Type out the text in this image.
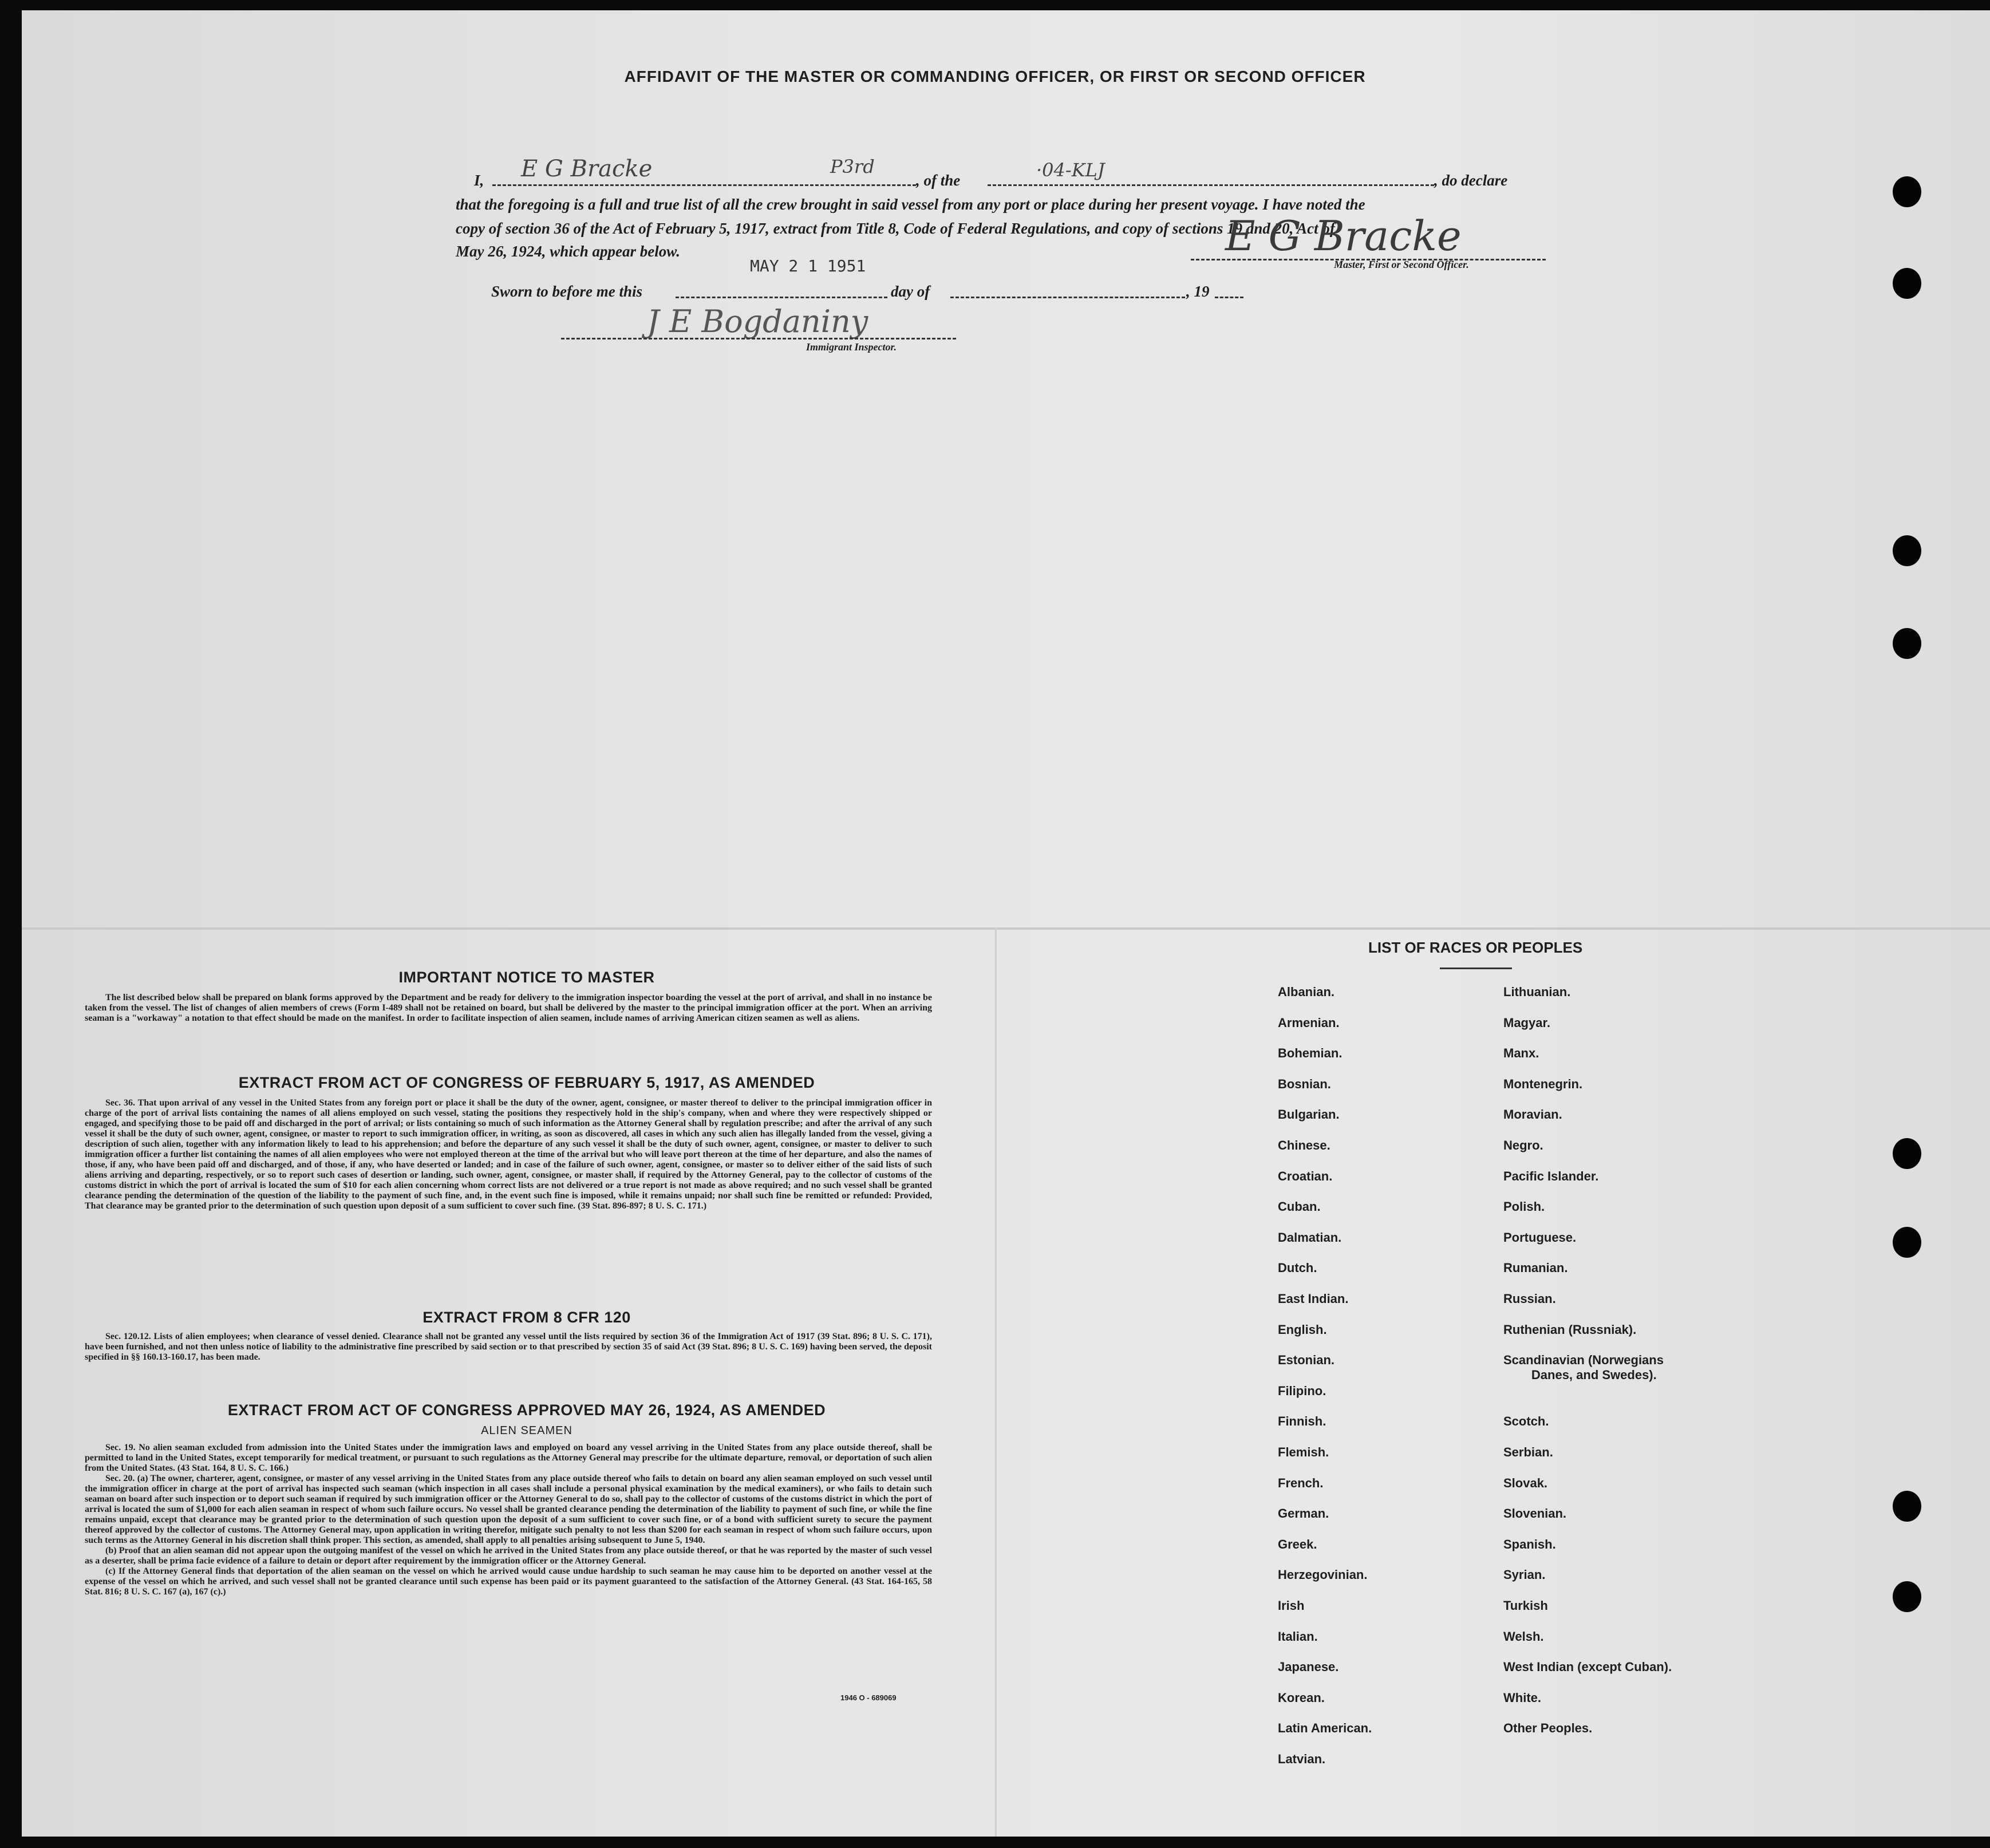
AFFIDAVIT OF THE MASTER OR COMMANDING OFFICER, OR FIRST OR SECOND OFFICER
I, E G Bracke	P3rd
, of the	·04-KLJ	, do declare
that the foregoing is a full and true list of all the crew brought in said vessel from any port or place during her present voyage. I have noted the
copy of section 36 of the Act of February 5, 1917, extract from Title 8, Code of Federal Regulations, and copy of sections 19 and 20, Act of
May 26, 1924, which appear below.
MAY 2 1 1951
E G Bracke
Master, First or Second Officer.
Sworn to before me this	day of	, 19
J E Bogdaniny
Immigrant Inspector.
IMPORTANT NOTICE TO MASTER

The list described below shall be prepared on blank forms approved by the Department and be ready for delivery to the immigration inspector boarding the vessel at the port of arrival, and shall in no instance be taken from the vessel. The list of changes of alien members of crews (Form I-489 shall not be retained on board, but shall be delivered by the master to the principal immigration officer at the port. When an arriving seaman is a "workaway" a notation to that effect should be made on the manifest. In order to facilitate inspection of alien seamen, include names of arriving American citizen seamen as well as aliens.

EXTRACT FROM ACT OF CONGRESS OF FEBRUARY 5, 1917, AS AMENDED

Sec. 36. That upon arrival of any vessel in the United States from any foreign port or place it shall be the duty of the owner, agent, consignee, or master thereof to deliver to the principal immigration officer in charge of the port of arrival lists containing the names of all aliens employed on such vessel, stating the positions they respectively hold in the ship's company, when and where they were respectively shipped or engaged, and specifying those to be paid off and discharged in the port of arrival; or lists containing so much of such information as the Attorney General shall by regulation prescribe; and after the arrival of any such vessel it shall be the duty of such owner, agent, consignee, or master to report to such immigration officer, in writing, as soon as discovered, all cases in which any such alien has illegally landed from the vessel, giving a description of such alien, together with any information likely to lead to his apprehension; and before the departure of any such vessel it shall be the duty of such owner, agent, consignee, or master to deliver to such immigration officer a further list containing the names of all alien employees who were not employed thereon at the time of the arrival but who will leave port thereon at the time of her departure, and also the names of those, if any, who have been paid off and discharged, and of those, if any, who have deserted or landed; and in case of the failure of such owner, agent, consignee, or master so to deliver either of the said lists of such aliens arriving and departing, respectively, or so to report such cases of desertion or landing, such owner, agent, consignee, or master shall, if required by the Attorney General, pay to the collector of customs of the customs district in which the port of arrival is located the sum of $10 for each alien concerning whom correct lists are not delivered or a true report is not made as above required; and no such vessel shall be granted clearance pending the determination of the question of the liability to the payment of such fine, and, in the event such fine is imposed, while it remains unpaid; nor shall such fine be remitted or refunded: Provided, That clearance may be granted prior to the determination of such question upon deposit of a sum sufficient to cover such fine. (39 Stat. 896-897; 8 U. S. C. 171.)

EXTRACT FROM 8 CFR 120

Sec. 120.12. Lists of alien employees; when clearance of vessel denied. Clearance shall not be granted any vessel until the lists required by section 36 of the Immigration Act of 1917 (39 Stat. 896; 8 U. S. C. 171), have been furnished, and not then unless notice of liability to the administrative fine prescribed by said section or to that prescribed by section 35 of said Act (39 Stat. 896; 8 U. S. C. 169) having been served, the deposit specified in §§ 160.13-160.17, has been made.

EXTRACT FROM ACT OF CONGRESS APPROVED MAY 26, 1924, AS AMENDED
ALIEN SEAMEN

Sec. 19. No alien seaman excluded from admission into the United States under the immigration laws and employed on board any vessel arriving in the United States from any place outside thereof, shall be permitted to land in the United States, except temporarily for medical treatment, or pursuant to such regulations as the Attorney General may prescribe for the ultimate departure, removal, or deportation of such alien from the United States. (43 Stat. 164, 8 U. S. C. 166.)

Sec. 20. (a) The owner, charterer, agent, consignee, or master of any vessel arriving in the United States from any place outside thereof who fails to detain on board any alien seaman employed on such vessel until the immigration officer in charge at the port of arrival has inspected such seaman (which inspection in all cases shall include a personal physical examination by the medical examiners), or who fails to detain such seaman on board after such inspection or to deport such seaman if required by such immigration officer or the Attorney General to do so, shall pay to the collector of customs of the customs district in which the port of arrival is located the sum of $1,000 for each alien seaman in respect of whom such failure occurs. No vessel shall be granted clearance pending the determination of the liability to payment of such fine, or while the fine remains unpaid, except that clearance may be granted prior to the determination of such question upon the deposit of a sum sufficient to cover such fine, or of a bond with sufficient surety to secure the payment thereof approved by the collector of customs. The Attorney General may, upon application in writing therefor, mitigate such penalty to not less than $200 for each seaman in respect of whom such failure occurs, upon such terms as the Attorney General in his discretion shall think proper. This section, as amended, shall apply to all penalties arising subsequent to June 5, 1940.

(b) Proof that an alien seaman did not appear upon the outgoing manifest of the vessel on which he arrived in the United States from any place outside thereof, or that he was reported by the master of such vessel as a deserter, shall be prima facie evidence of a failure to detain or deport after requirement by the immigration officer or the Attorney General.

(c) If the Attorney General finds that deportation of the alien seaman on the vessel on which he arrived would cause undue hardship to such seaman he may cause him to be deported on another vessel at the expense of the vessel on which he arrived, and such vessel shall not be granted clearance until such expense has been paid or its payment guaranteed to the satisfaction of the Attorney General. (43 Stat. 164-165, 58 Stat. 816; 8 U. S. C. 167 (a), 167 (c).)

1946 O - 689069
LIST OF RACES OR PEOPLES
Albanian.
Armenian.
Bohemian.
Bosnian.
Bulgarian.
Chinese.
Croatian.
Cuban.
Dalmatian.
Dutch.
East Indian.
English.
Estonian.
Filipino.
Finnish.
Flemish.
French.
German.
Greek.
Herzegovinian.
Irish
Italian.
Japanese.
Korean.
Latin American.
Latvian.
Lithuanian.
Magyar.
Manx.
Montenegrin.
Moravian.
Negro.
Pacific Islander.
Polish.
Portuguese.
Rumanian.
Russian.
Ruthenian (Russniak).
Scandinavian (Norwegians
Danes, and Swedes).
Scotch.
Serbian.
Slovak.
Slovenian.
Spanish.
Syrian.
Turkish
Welsh.
West Indian (except Cuban).
White.
Other Peoples.
